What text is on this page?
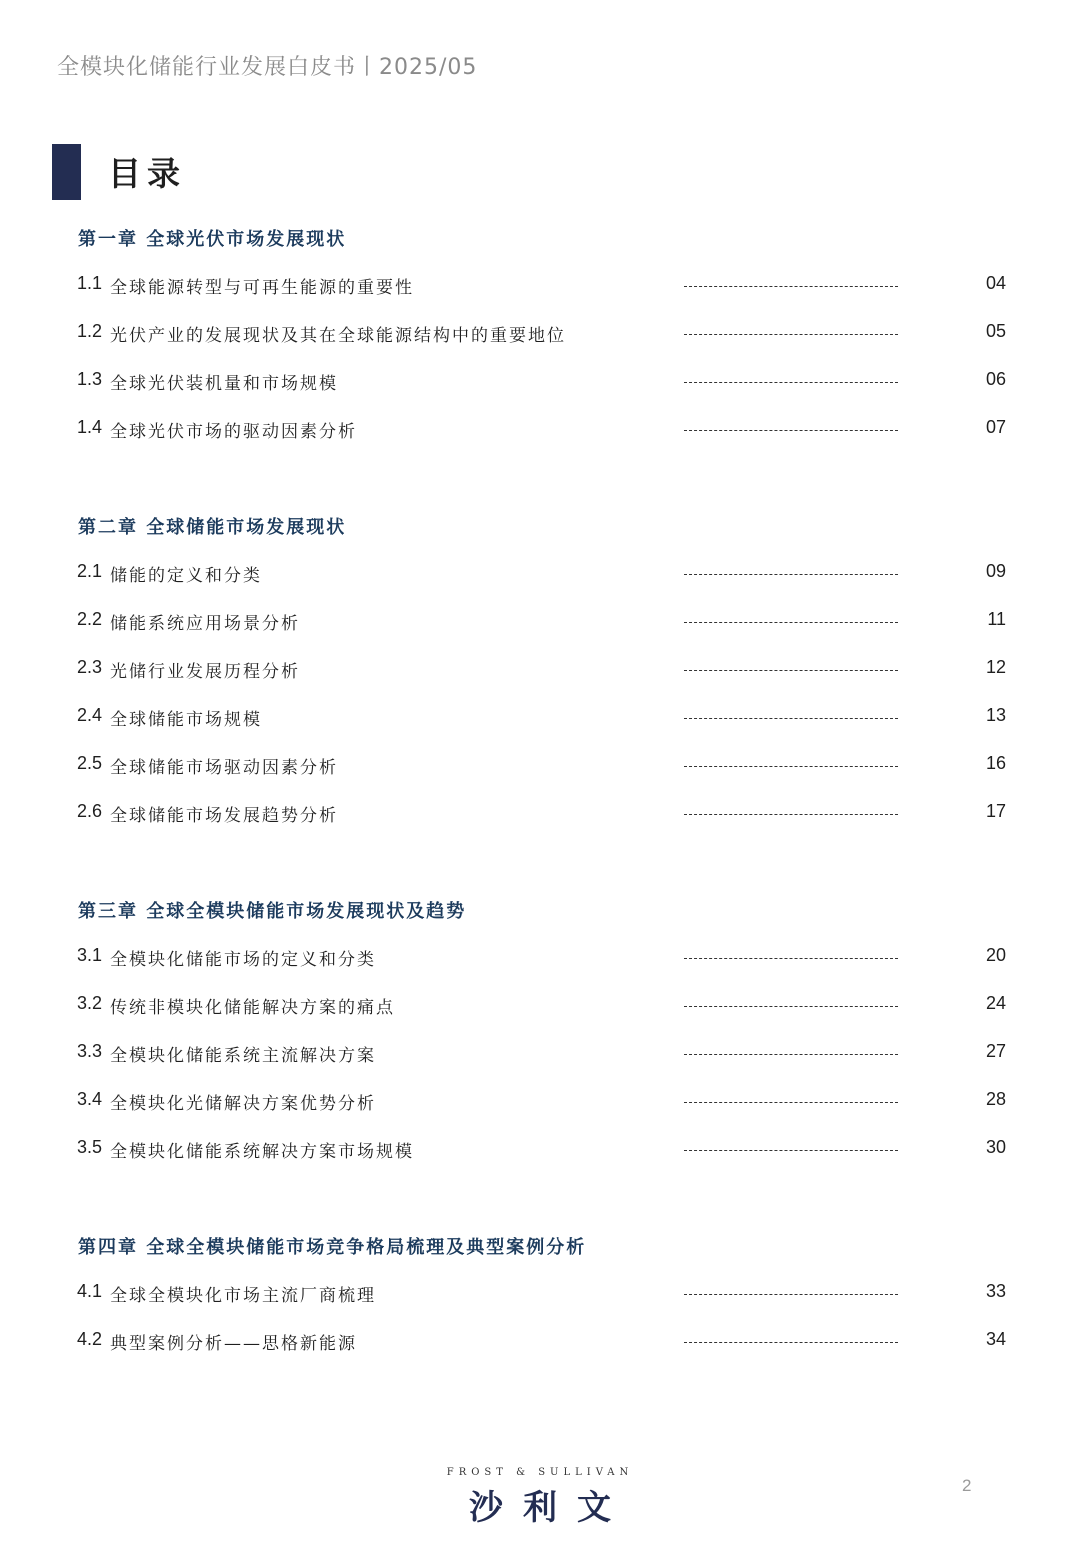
全模块化储能行业发展白皮书丨2025/05
目录
第一章 全球光伏市场发展现状
1.1 全球能源转型与可再生能源的重要性	04
1.2 光伏产业的发展现状及其在全球能源结构中的重要地位	05
1.3 全球光伏装机量和市场规模	06
1.4 全球光伏市场的驱动因素分析	07
第二章 全球储能市场发展现状
2.1 储能的定义和分类	09
2.2 储能系统应用场景分析	11
2.3 光储行业发展历程分析	12
2.4 全球储能市场规模	13
2.5 全球储能市场驱动因素分析	16
2.6 全球储能市场发展趋势分析	17
第三章 全球全模块储能市场发展现状及趋势
3.1 全模块化储能市场的定义和分类	20
3.2 传统非模块化储能解决方案的痛点	24
3.3 全模块化储能系统主流解决方案	27
3.4 全模块化光储解决方案优势分析	28
3.5 全模块化储能系统解决方案市场规模	30
第四章 全球全模块储能市场竞争格局梳理及典型案例分析
4.1 全球全模块化市场主流厂商梳理	33
4.2 典型案例分析——思格新能源	34
FROST & SULLIVAN
沙利文
2
